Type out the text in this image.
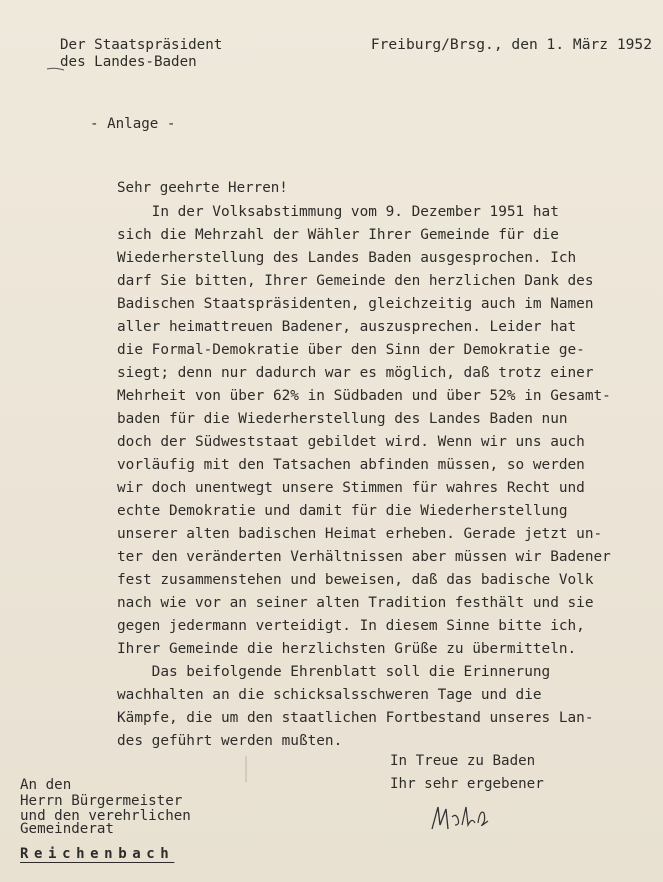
Der Staatspräsident
des Landes-Baden
Freiburg/Brsg., den 1. März 1952
- Anlage -
Sehr geehrte Herren!
In der Volksabstimmung vom 9. Dezember 1951 hat
sich die Mehrzahl der Wähler Ihrer Gemeinde für die
Wiederherstellung des Landes Baden ausgesprochen. Ich
darf Sie bitten, Ihrer Gemeinde den herzlichen Dank des
Badischen Staatspräsidenten, gleichzeitig auch im Namen
aller heimattreuen Badener, auszusprechen. Leider hat
die Formal-Demokratie über den Sinn der Demokratie ge-
siegt; denn nur dadurch war es möglich, daß trotz einer
Mehrheit von über 62% in Südbaden und über 52% in Gesamt-
baden für die Wiederherstellung des Landes Baden nun
doch der Südweststaat gebildet wird. Wenn wir uns auch
vorläufig mit den Tatsachen abfinden müssen, so werden
wir doch unentwegt unsere Stimmen für wahres Recht und
echte Demokratie und damit für die Wiederherstellung
unserer alten badischen Heimat erheben. Gerade jetzt un-
ter den veränderten Verhältnissen aber müssen wir Badener
fest zusammenstehen und beweisen, daß das badische Volk
nach wie vor an seiner alten Tradition festhält und sie
gegen jedermann verteidigt. In diesem Sinne bitte ich,
Ihrer Gemeinde die herzlichsten Grüße zu übermitteln.
Das beifolgende Ehrenblatt soll die Erinnerung
wachhalten an die schicksalsschweren Tage und die
Kämpfe, die um den staatlichen Fortbestand unseres Lan-
des geführt werden mußten.
In Treue zu Baden
Ihr sehr ergebener
An den
Herrn Bürgermeister
und den verehrlichen
Gemeinderat
Reichenbach
